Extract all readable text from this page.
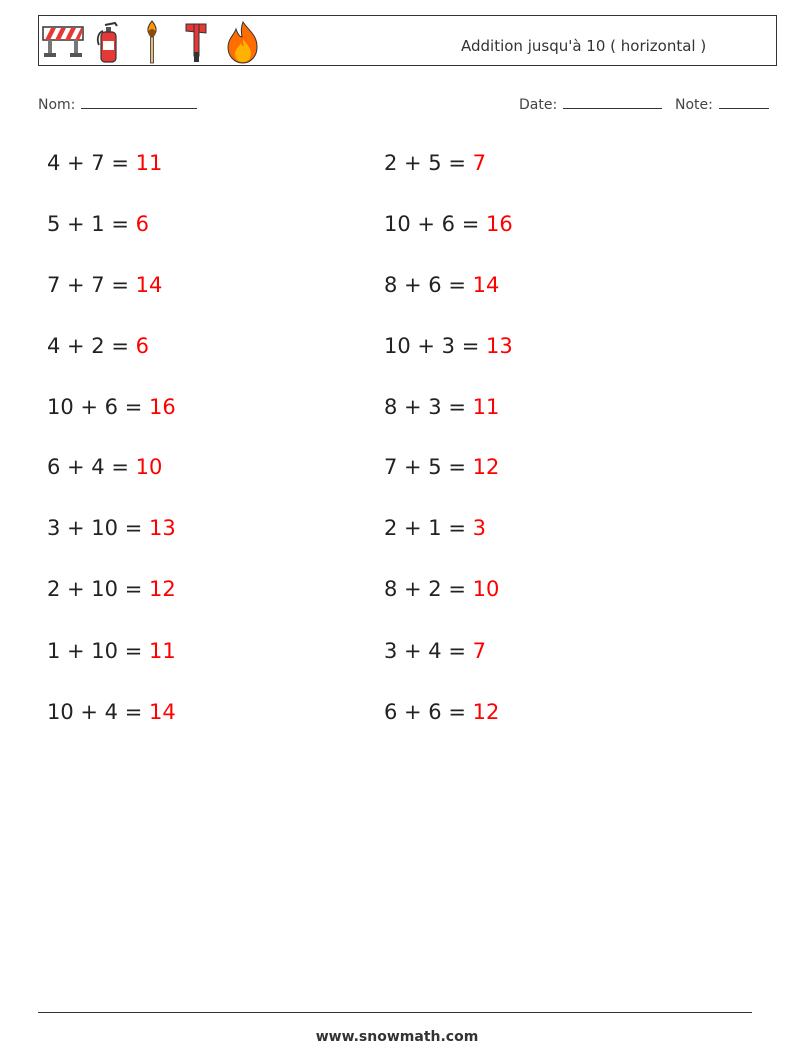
Addition jusqu'à 10 ( horizontal )
Nom:	Date:	Note:
4 + 7 = 11
5 + 1 = 6
7 + 7 = 14
4 + 2 = 6
10 + 6 = 16
6 + 4 = 10
3 + 10 = 13
2 + 10 = 12
1 + 10 = 11
10 + 4 = 14
2 + 5 = 7
10 + 6 = 16
8 + 6 = 14
10 + 3 = 13
8 + 3 = 11
7 + 5 = 12
2 + 1 = 3
8 + 2 = 10
3 + 4 = 7
6 + 6 = 12
www.snowmath.com
